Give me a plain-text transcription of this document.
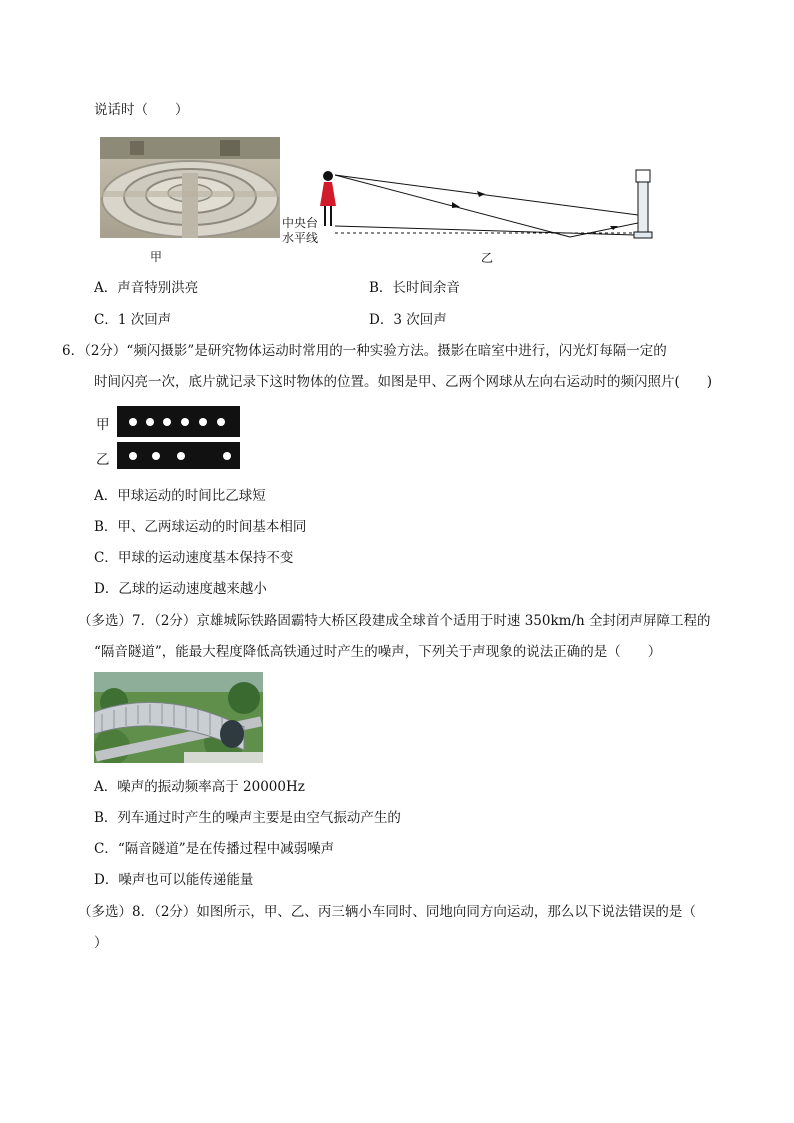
说话时（　　）
甲
中央台
水平线
乙
A．声音特别洪亮	B．长时间余音
C．1 次回声	D．3 次回声
6．（2分）“频闪摄影”是研究物体运动时常用的一种实验方法。摄影在暗室中进行，闪光灯每隔一定的
时间闪亮一次，底片就记录下这时物体的位置。如图是甲、乙两个网球从左向右运动时的频闪照片(　　)
甲
乙
A．甲球运动的时间比乙球短
B．甲、乙两球运动的时间基本相同
C．甲球的运动速度基本保持不变
D．乙球的运动速度越来越小
（多选）7．（2分）京雄城际铁路固霸特大桥区段建成全球首个适用于时速 350km/h 全封闭声屏障工程的
“隔音隧道”，能最大程度降低高铁通过时产生的噪声，下列关于声现象的说法正确的是（　　）
A．噪声的振动频率高于 20000Hz
B．列车通过时产生的噪声主要是由空气振动产生的
C．“隔音隧道”是在传播过程中减弱噪声
D．噪声也可以能传递能量
（多选）8．（2分）如图所示，甲、乙、丙三辆小车同时、同地向同方向运动，那么以下说法错误的是（
）
